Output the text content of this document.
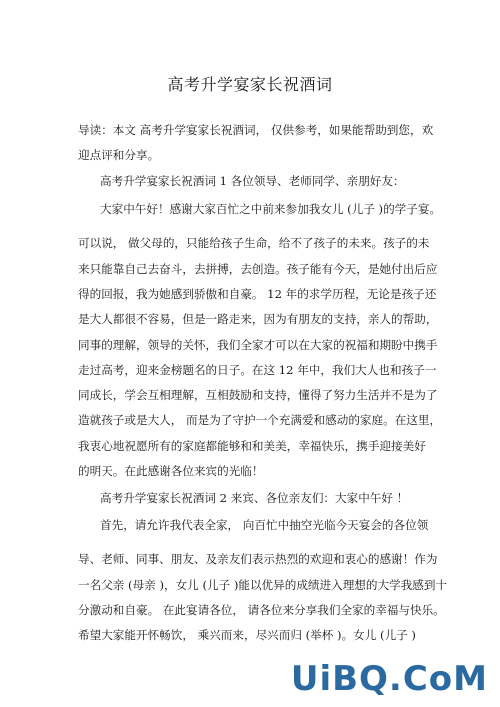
高考升学宴家长祝酒词
导读：本文 高考升学宴家长祝酒词， 仅供参考，如果能帮助到您，欢
迎点评和分享。
高考升学宴家长祝酒词 1 各位领导、老师同学、亲朋好友：
大家中午好！感谢大家百忙之中前来参加我女儿 (儿子 )的学子宴。
可以说， 做父母的，只能给孩子生命，给不了孩子的未来。孩子的未
来只能靠自己去奋斗，去拼搏，去创造。孩子能有今天，是她付出后应
得的回报，我为她感到骄傲和自豪。 12 年的求学历程，无论是孩子还
是大人都很不容易，但是一路走来，因为有朋友的支持，亲人的帮助，
同事的理解，领导的关怀，我们全家才可以在大家的祝福和期盼中携手
走过高考，迎来金榜题名的日子。在这 12 年中，我们大人也和孩子一
同成长，学会互相理解，互相鼓励和支持，懂得了努力生活并不是为了
造就孩子或是大人， 而是为了守护一个充满爱和感动的家庭。在这里，
我衷心地祝愿所有的家庭都能够和和美美，幸福快乐，携手迎接美好
的明天。在此感谢各位来宾的光临！
高考升学宴家长祝酒词 2 来宾、各位亲友们：大家中午好 ！
首先，请允许我代表全家， 向百忙中抽空光临今天宴会的各位领
导、老师、同事、朋友、及亲友们表示热烈的欢迎和衷心的感谢！作为
一名父亲 (母亲 )，女儿 (儿子 )能以优异的成绩进入理想的大学我感到十
分激动和自豪。 在此宴请各位， 请各位来分享我们全家的幸福与快乐。
希望大家能开怀畅饮， 乘兴而来，尽兴而归 (举杯 )。女儿 (儿子 )
UiBQ.CoM
